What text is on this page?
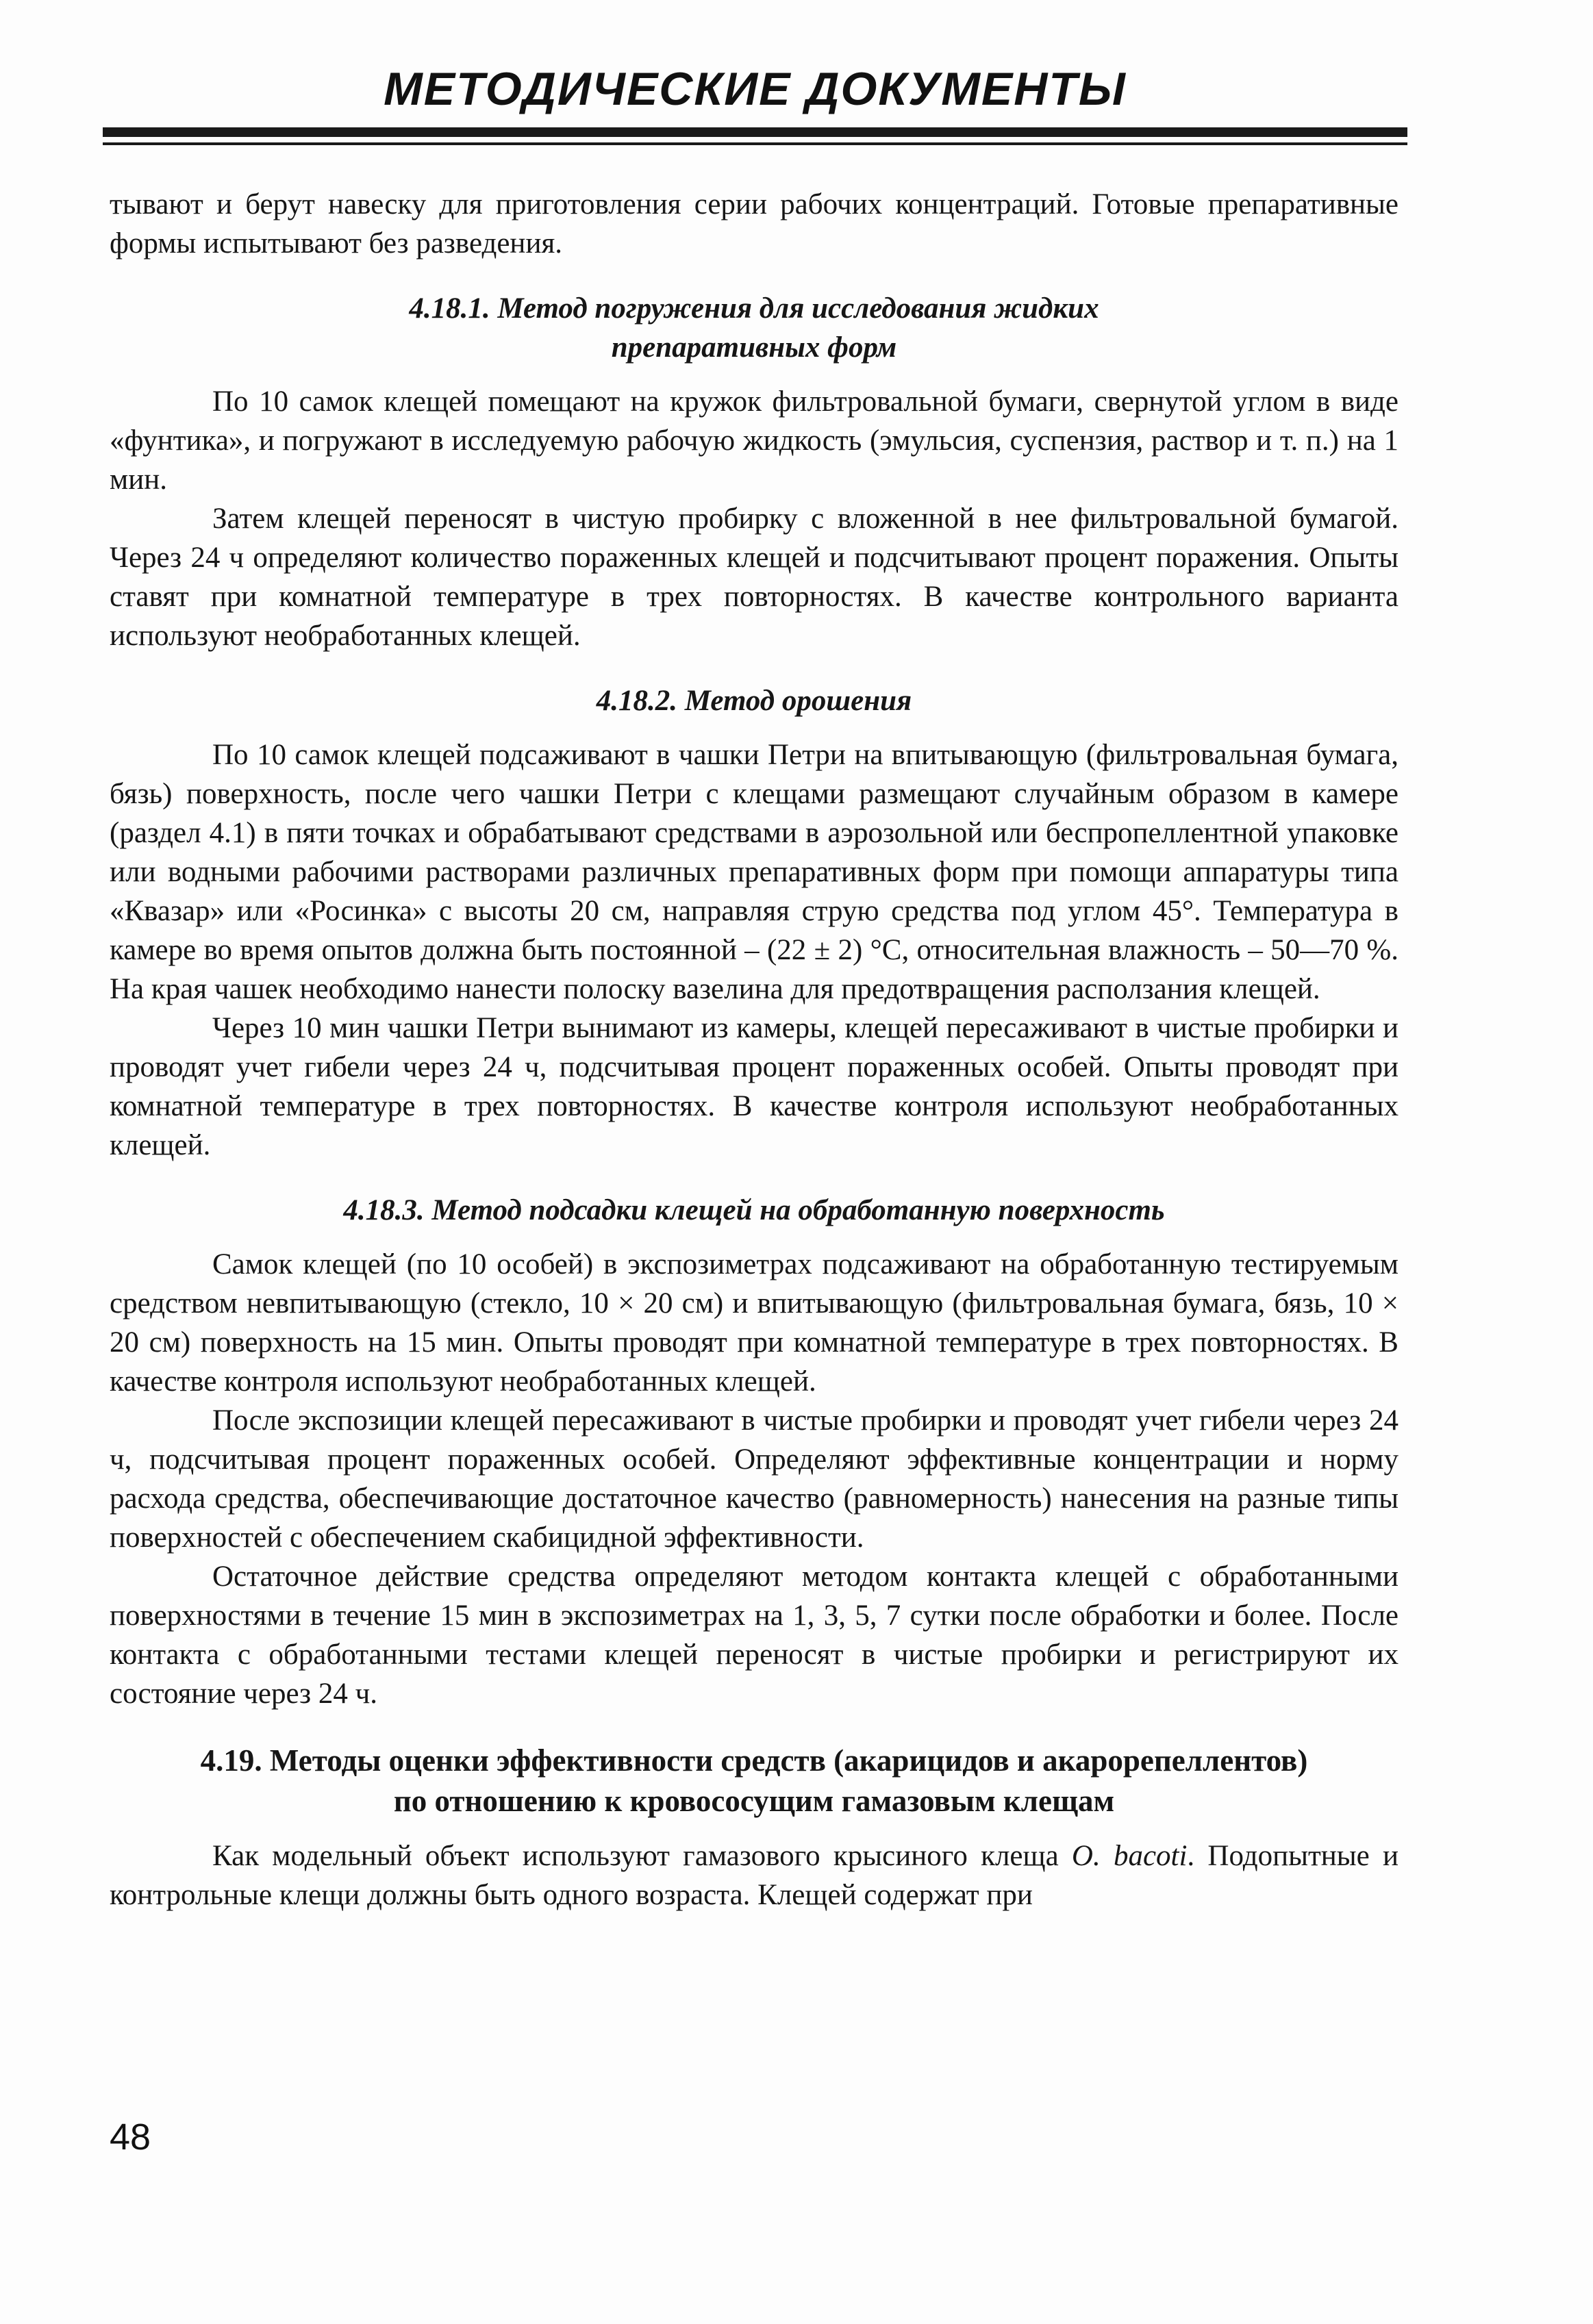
МЕТОДИЧЕСКИЕ ДОКУМЕНТЫ

тывают и берут навеску для приготовления серии рабочих концентраций. Готовые препаративные формы испытывают без разведения.

4.18.1. Метод погружения для исследования жидких
препаративных форм

По 10 самок клещей помещают на кружок фильтровальной бумаги, свернутой углом в виде «фунтика», и погружают в исследуемую рабочую жидкость (эмульсия, суспензия, раствор и т. п.) на 1 мин.

Затем клещей переносят в чистую пробирку с вложенной в нее фильтровальной бумагой. Через 24 ч определяют количество пораженных клещей и подсчитывают процент поражения. Опыты ставят при комнатной температуре в трех повторностях. В качестве контрольного варианта используют необработанных клещей.

4.18.2. Метод орошения

По 10 самок клещей подсаживают в чашки Петри на впитывающую (фильтровальная бумага, бязь) поверхность, после чего чашки Петри с клещами размещают случайным образом в камере (раздел 4.1) в пяти точках и обрабатывают средствами в аэрозольной или беспропеллентной упаковке или водными рабочими растворами различных препаративных форм при помощи аппаратуры типа «Квазар» или «Росинка» с высоты 20 см, направляя струю средства под углом 45°. Температура в камере во время опытов должна быть постоянной – (22 ± 2) °С, относительная влажность – 50—70 %. На края чашек необходимо нанести полоску вазелина для предотвращения расползания клещей.

Через 10 мин чашки Петри вынимают из камеры, клещей пересаживают в чистые пробирки и проводят учет гибели через 24 ч, подсчитывая процент пораженных особей. Опыты проводят при комнатной температуре в трех повторностях. В качестве контроля используют необработанных клещей.

4.18.3. Метод подсадки клещей на обработанную поверхность

Самок клещей (по 10 особей) в экспозиметрах подсаживают на обработанную тестируемым средством невпитывающую (стекло, 10 × 20 см) и впитывающую (фильтровальная бумага, бязь, 10 × 20 см) поверхность на 15 мин. Опыты проводят при комнатной температуре в трех повторностях. В качестве контроля используют необработанных клещей.

После экспозиции клещей пересаживают в чистые пробирки и проводят учет гибели через 24 ч, подсчитывая процент пораженных особей. Определяют эффективные концентрации и норму расхода средства, обеспечивающие достаточное качество (равномерность) нанесения на разные типы поверхностей с обеспечением скабицидной эффективности.

Остаточное действие средства определяют методом контакта клещей с обработанными поверхностями в течение 15 мин в экспозиметрах на 1, 3, 5, 7 сутки после обработки и более. После контакта с обработанными тестами клещей переносят в чистые пробирки и регистрируют их состояние через 24 ч.

4.19. Методы оценки эффективности средств (акарицидов и акарорепеллентов)
по отношению к кровососущим гамазовым клещам

Как модельный объект используют гамазового крысиного клеща O. bacoti. Подопытные и контрольные клещи должны быть одного возраста. Клещей содержат при

48
